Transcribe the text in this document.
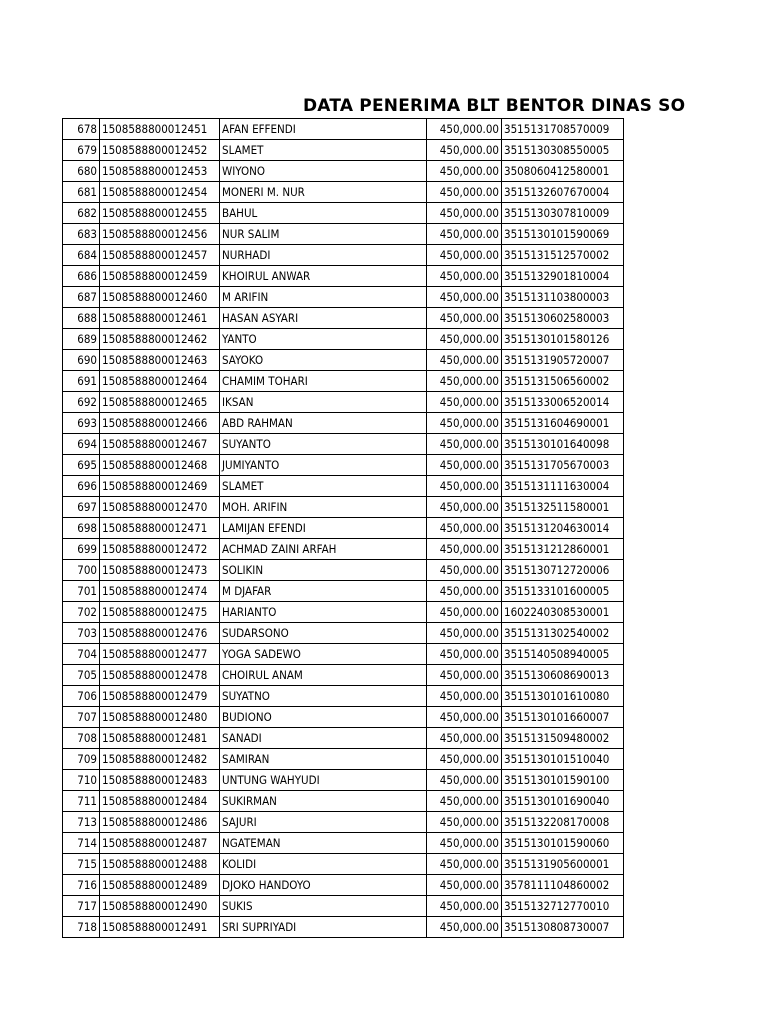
DATA PENERIMA BLT BENTOR DINAS SO
678	1508588800012451	AFAN EFFENDI	450,000.00	3515131708570009
679	1508588800012452	SLAMET	450,000.00	3515130308550005
680	1508588800012453	WIYONO	450,000.00	3508060412580001
681	1508588800012454	MONERI M. NUR	450,000.00	3515132607670004
682	1508588800012455	BAHUL	450,000.00	3515130307810009
683	1508588800012456	NUR SALIM	450,000.00	3515130101590069
684	1508588800012457	NURHADI	450,000.00	3515131512570002
686	1508588800012459	KHOIRUL ANWAR	450,000.00	3515132901810004
687	1508588800012460	M ARIFIN	450,000.00	3515131103800003
688	1508588800012461	HASAN ASYARI	450,000.00	3515130602580003
689	1508588800012462	YANTO	450,000.00	3515130101580126
690	1508588800012463	SAYOKO	450,000.00	3515131905720007
691	1508588800012464	CHAMIM TOHARI	450,000.00	3515131506560002
692	1508588800012465	IKSAN	450,000.00	3515133006520014
693	1508588800012466	ABD RAHMAN	450,000.00	3515131604690001
694	1508588800012467	SUYANTO	450,000.00	3515130101640098
695	1508588800012468	JUMIYANTO	450,000.00	3515131705670003
696	1508588800012469	SLAMET	450,000.00	3515131111630004
697	1508588800012470	MOH. ARIFIN	450,000.00	3515132511580001
698	1508588800012471	LAMIJAN EFENDI	450,000.00	3515131204630014
699	1508588800012472	ACHMAD ZAINI ARFAH	450,000.00	3515131212860001
700	1508588800012473	SOLIKIN	450,000.00	3515130712720006
701	1508588800012474	M DJAFAR	450,000.00	3515133101600005
702	1508588800012475	HARIANTO	450,000.00	1602240308530001
703	1508588800012476	SUDARSONO	450,000.00	3515131302540002
704	1508588800012477	YOGA SADEWO	450,000.00	3515140508940005
705	1508588800012478	CHOIRUL ANAM	450,000.00	3515130608690013
706	1508588800012479	SUYATNO	450,000.00	3515130101610080
707	1508588800012480	BUDIONO	450,000.00	3515130101660007
708	1508588800012481	SANADI	450,000.00	3515131509480002
709	1508588800012482	SAMIRAN	450,000.00	3515130101510040
710	1508588800012483	UNTUNG WAHYUDI	450,000.00	3515130101590100
711	1508588800012484	SUKIRMAN	450,000.00	3515130101690040
713	1508588800012486	SAJURI	450,000.00	3515132208170008
714	1508588800012487	NGATEMAN	450,000.00	3515130101590060
715	1508588800012488	KOLIDI	450,000.00	3515131905600001
716	1508588800012489	DJOKO HANDOYO	450,000.00	3578111104860002
717	1508588800012490	SUKIS	450,000.00	3515132712770010
718	1508588800012491	SRI SUPRIYADI	450,000.00	3515130808730007
